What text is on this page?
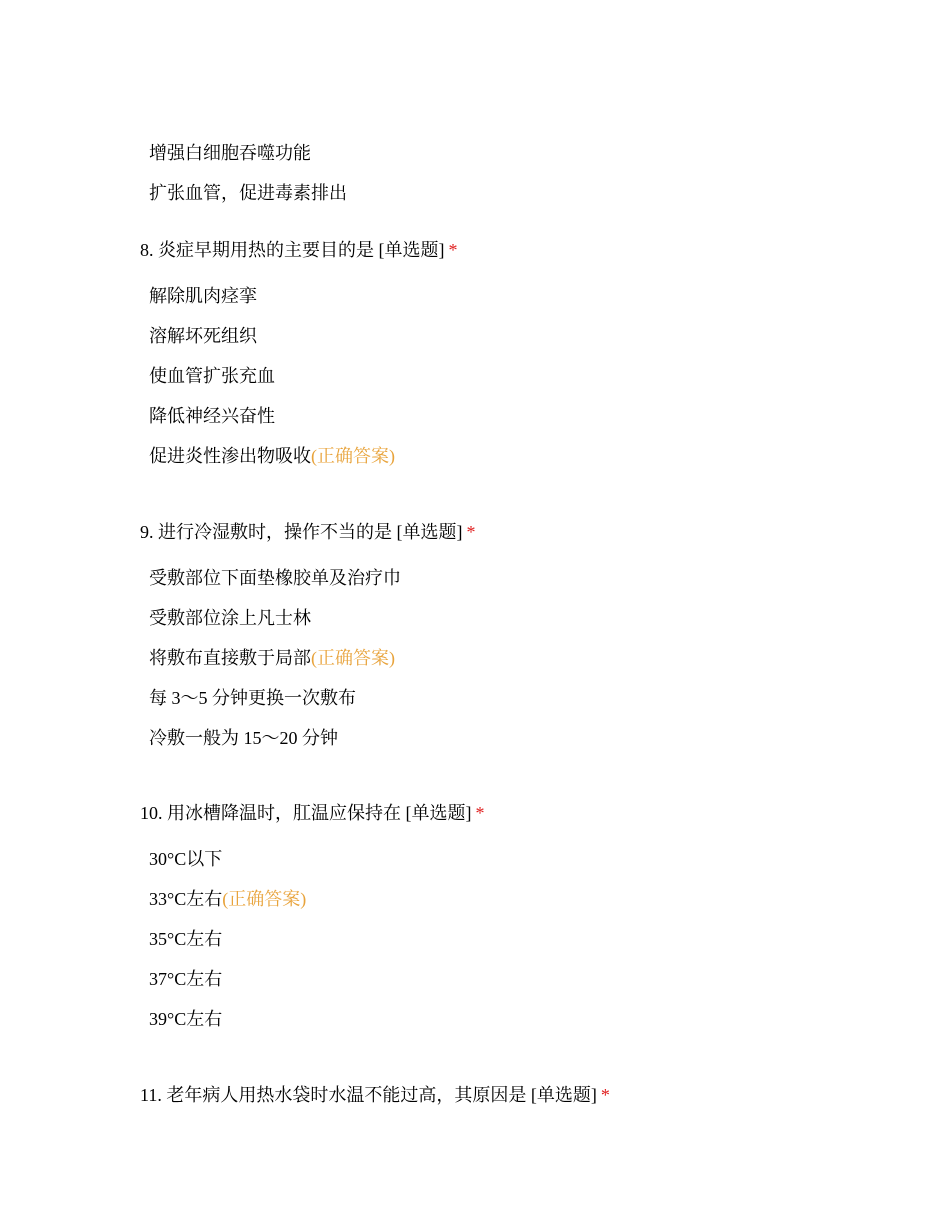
增强白细胞吞噬功能
扩张血管，促进毒素排出
8. 炎症早期用热的主要目的是 [单选题] *
解除肌肉痉挛
溶解坏死组织
使血管扩张充血
降低神经兴奋性
促进炎性渗出物吸收(正确答案)
9. 进行冷湿敷时，操作不当的是 [单选题] *
受敷部位下面垫橡胶单及治疗巾
受敷部位涂上凡士林
将敷布直接敷于局部(正确答案)
每 3～5 分钟更换一次敷布
冷敷一般为 15～20 分钟
10. 用冰槽降温时，肛温应保持在 [单选题] *
30°C以下
33°C左右(正确答案)
35°C左右
37°C左右
39°C左右
11. 老年病人用热水袋时水温不能过高，其原因是 [单选题] *
